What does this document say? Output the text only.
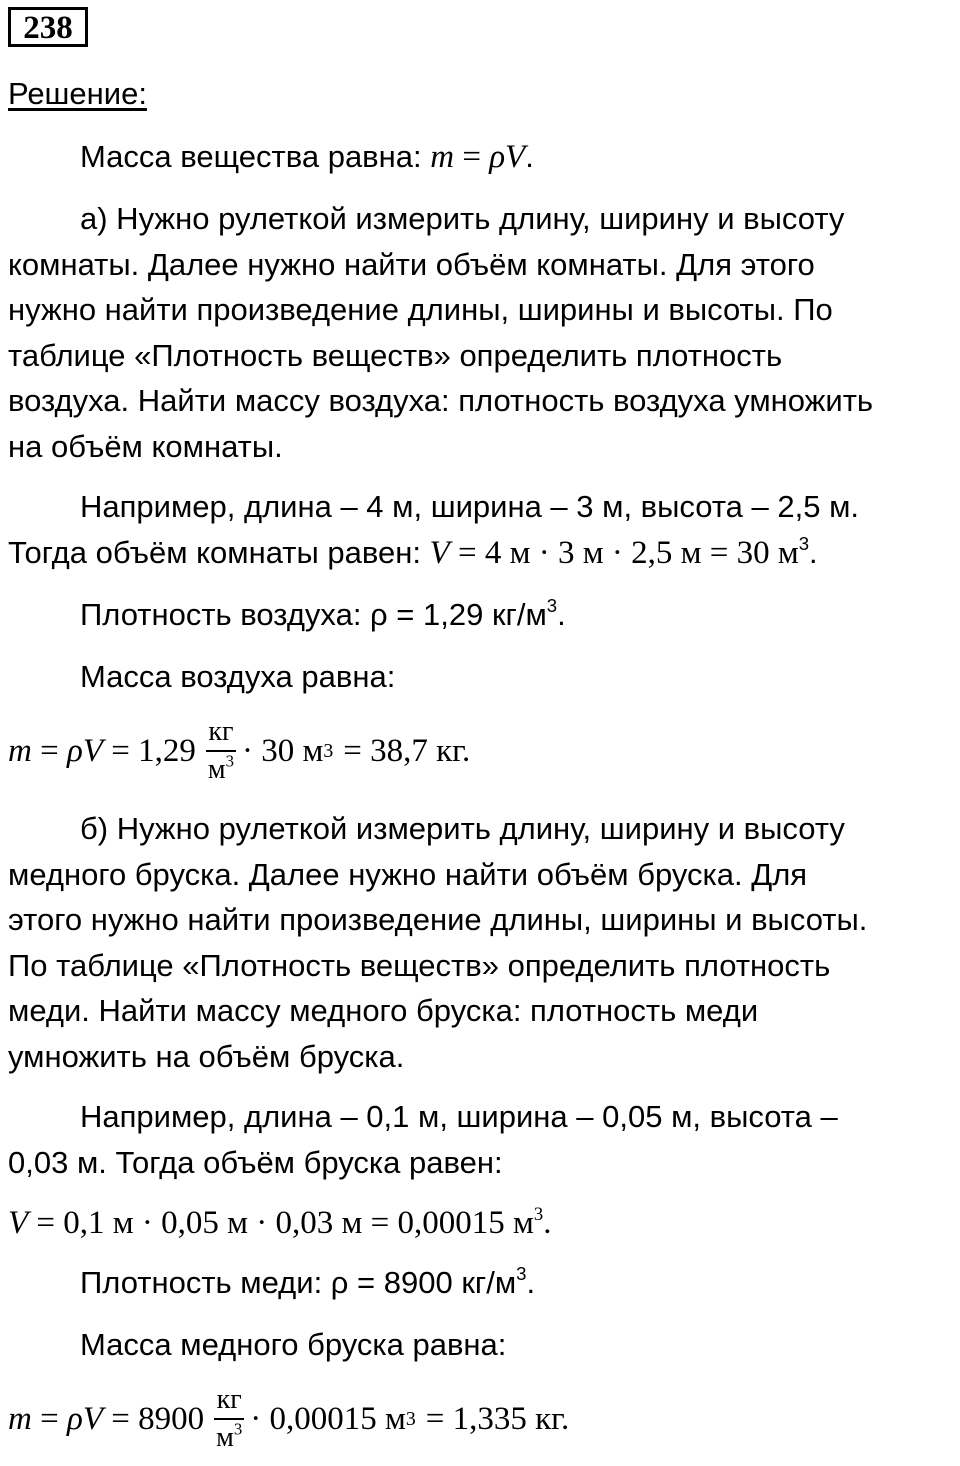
238
Решение:
Масса вещества равна: m = ρV.
а) Нужно рулеткой измерить длину, ширину и высоту
комнаты. Далее нужно найти объём комнаты. Для этого
нужно найти произведение длины, ширины и высоты. По
таблице «Плотность веществ» определить плотность
воздуха. Найти массу воздуха: плотность воздуха умножить
на объём комнаты.
Например, длина – 4 м, ширина – 3 м, высота – 2,5 м.
Тогда объём комнаты равен: V = 4 м · 3 м · 2,5 м = 30 $м^3$.
Плотность воздуха: ρ = 1,29 $кг/м^3$.
Масса воздуха равна:
$m = \rho V = 1,29 \frac{кг}{м^3} \cdot 30$ м 3 = 38,7 кг.
б) Нужно рулеткой измерить длину, ширину и высоту
медного бруска. Далее нужно найти объём бруска. Для
этого нужно найти произведение длины, ширины и высоты.
По таблице «Плотность веществ» определить плотность
меди. Найти массу медного бруска: плотность меди
умножить на объём бруска.
Например, длина – 0,1 м, ширина – 0,05 м, высота –
0,03 м. Тогда объём бруска равен:
V = 0,1 м · 0,05 м · 0,03 м = 0,00015 $м^3$.
Плотность меди: ρ = 8900 $кг/м^3$.
Масса медного бруска равна:
$m = \rho V = 8900 \frac{кг}{м^3} \cdot 0,00015$ м 3 = 1,335 кг.
